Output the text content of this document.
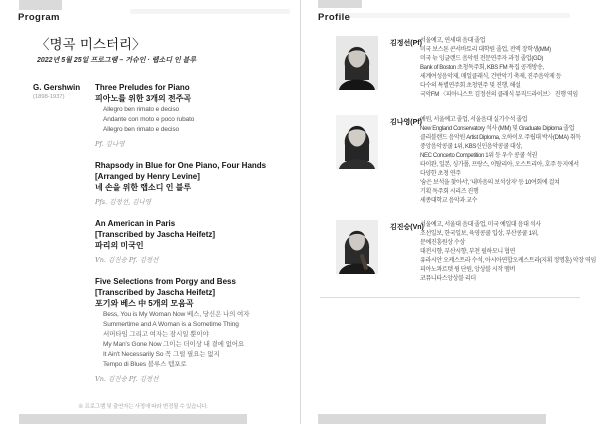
Program
〈명곡 미스터리〉
2022년 5월 25일 프로그램 – 거슈인 · 랩소디 인 블루
G. Gershwin
(1898-1937)
Three Preludes for Piano
피아노를 위한 3개의 전주곡
Allegro ben rimato e deciso
Andante con moto e poco rubato
Allegro ben rimato e deciso
Pf. 김나영
Rhapsody in Blue for One Piano, Four Hands
[Arranged by Henry Levine]
네 손을 위한 랩소디 인 블루
Pfs. 김정선, 김나영
An American in Paris
[Transcribed by Jascha Heifetz]
파리의 미국인
Vn. 김진승 Pf. 김정선
Five Selections from Porgy and Bess
[Transcribed by Jascha Heifetz]
포기와 베스 中 5개의 모음곡
Bess, You is My Woman Now 베스, 당신은 나의 여자
Summertime and A Woman is a Sometime Thing
서머타임 그리고 여자는 잠시일 뿐이야
My Man's Gone Now 그이는 더이상 내 곁에 없어요
It Ain't Necessarily So 꼭 그럴 필요는 없지
Tempo di Blues 블루스 템포로
Vn. 김진승 Pf. 김정선
※ 프로그램 및 출연자는 사정에 따라 변경될 수 있습니다.
Profile
김정선(Pf)
서울예고, 연세대 음대 졸업
미국 보스톤 콘서바토리 대학원 졸업, 전액 장학생(MM)
미국 뉴 잉글랜드 음악원 전문연주자 과정 졸업(GD)
Bank of Boston 초청독주회, KBS FM 특집 공개방송,
세계여성음악제, 매일클래식, 건반악기 축제, 진주음악제 등
다수의 특별연주회 초청연주 및 진행, 해설
국악FM 〈피아니스트 김정선의 클래식 뮤직드라이브〉 진행 역임
김나영(Pf)
예원, 서울예고 졸업, 서울음대 실기수석 졸업
New England Conservatory 석사 (MM) 및 Graduate Diploma 졸업
클리블랜드 음악원 Artist Diploma, 오하이오 주립대 박사(DMA) 취득
중앙음악콩쿨 1위, KBS신인음악콩쿨 대상,
NEC Concerto Competition 1위 등 우수 콩쿨 석권
타이완, 일본, 싱가폴, 프랑스, 이탈리아, 오스트리아, 호주 등지에서
다양한 초청 연주
'숨은 보석을 찾아서', '내마음의 보석상자' 등 10여회에 걸쳐
기획 독주회 시리즈 진행
세종대학교 음악과 교수
김진승(Vn)
서울예고, 서울대 음대 졸업, 미국 예일대 음대 석사
조선일보, 한국일보, 육영콩쿨 입상, 부산콩쿨 1위,
문예진흥원상 수상
대전시향, 부산시향, 부천 필하모니 협연
유라시안 오케스트라 수석, 아시아연합오케스트라(지휘 정명훈) 악장 역임
피아노콰르텟 윙 단원, 앙상블 시작 멤버
코뮤니타스앙상블 리더
